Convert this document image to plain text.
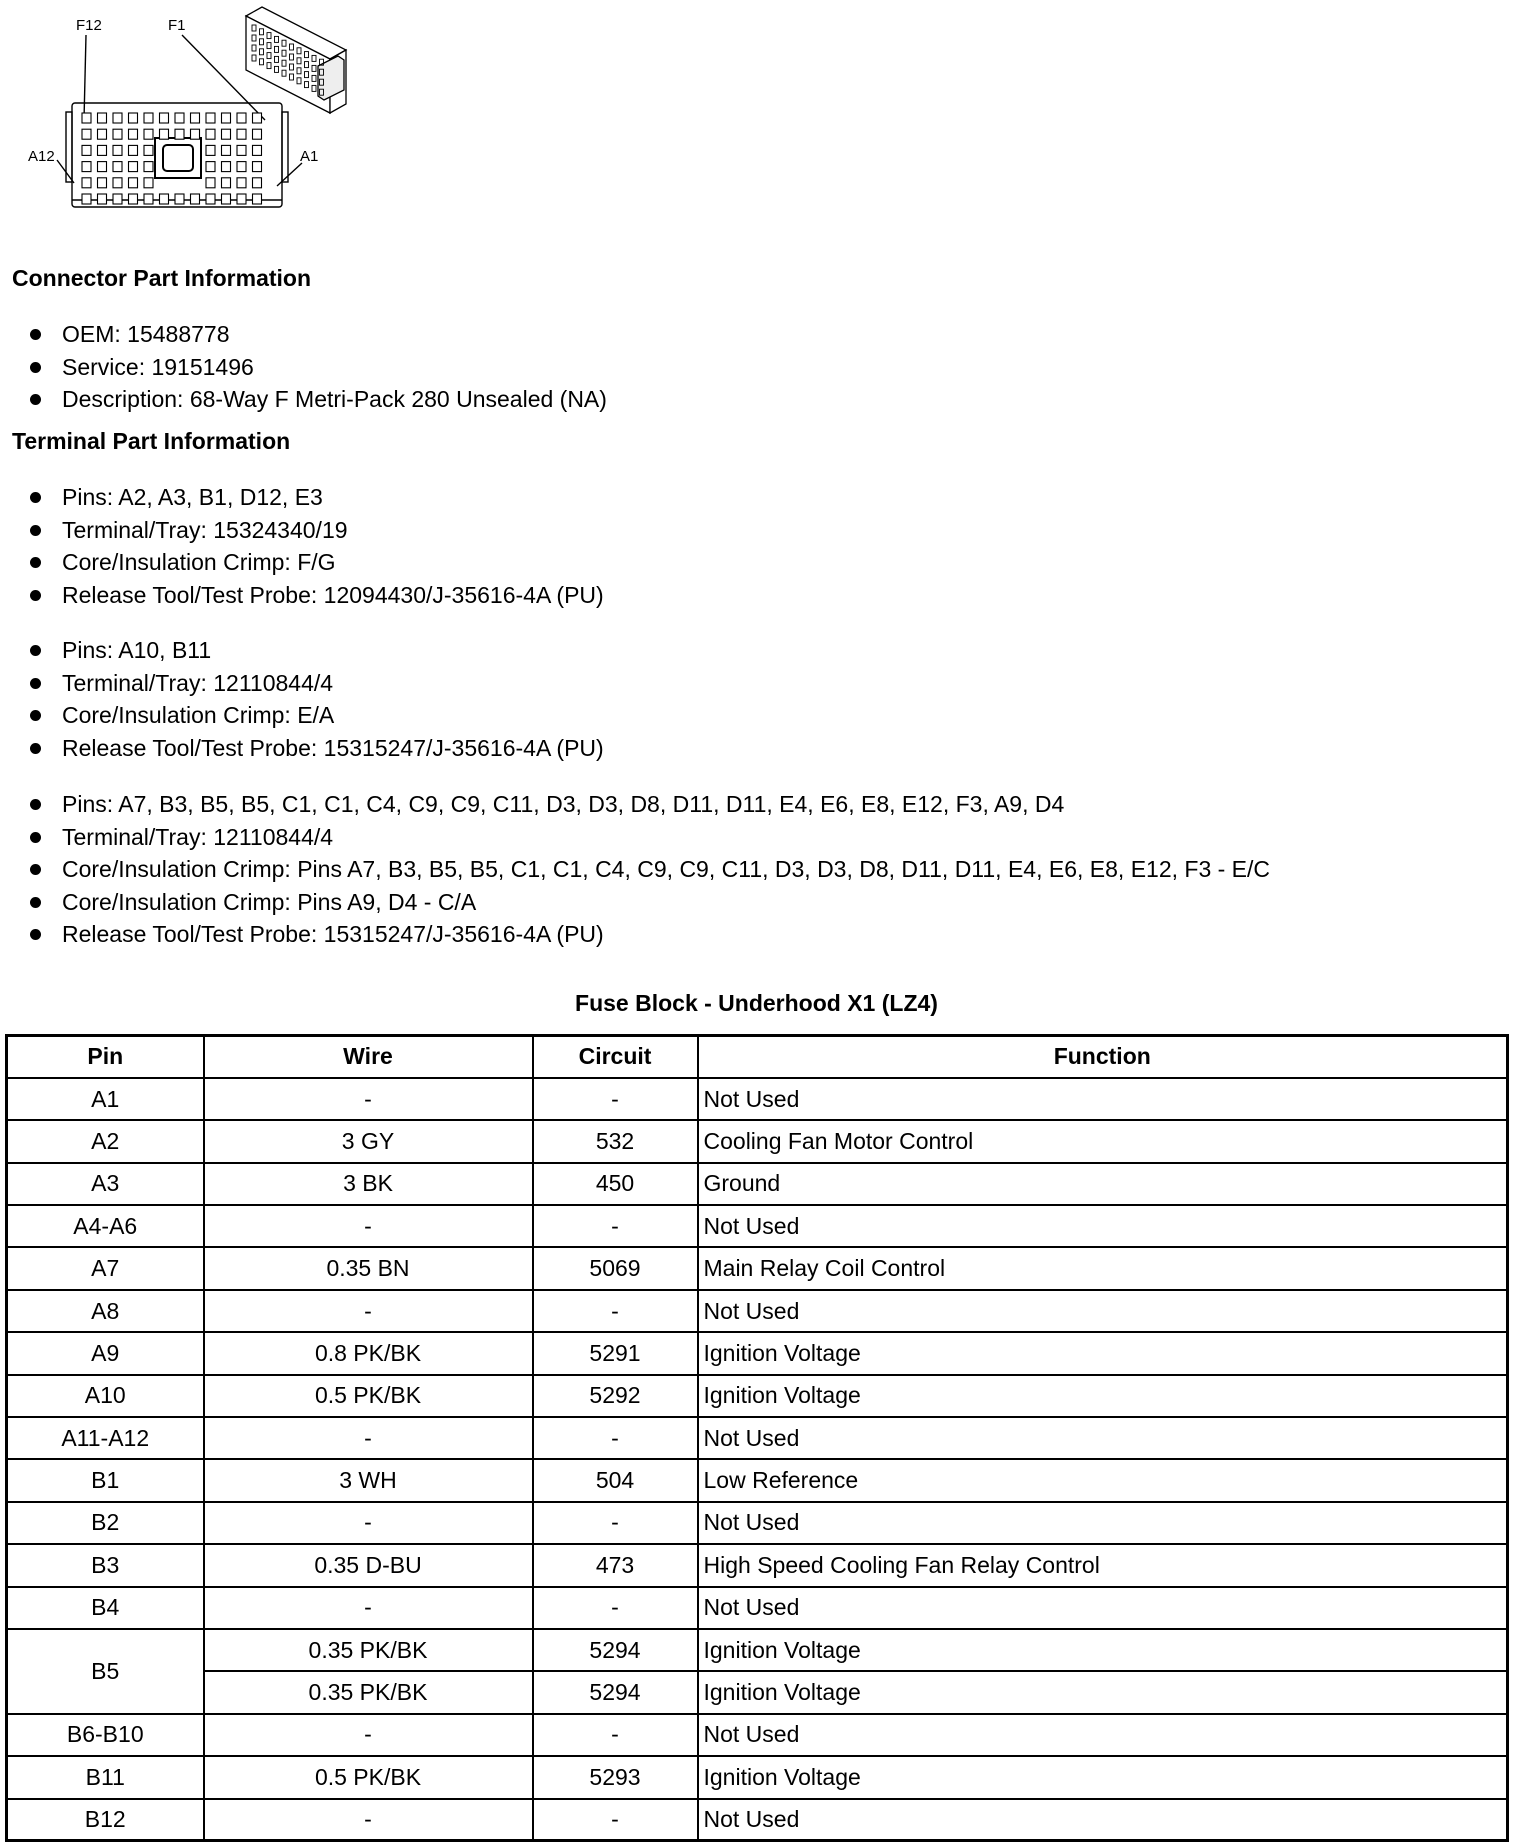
F12	F1
A12	A1
Connector Part Information
OEM: 15488778
Service: 19151496
Description: 68-Way F Metri-Pack 280 Unsealed (NA)
Terminal Part Information
Pins: A2, A3, B1, D12, E3
Terminal/Tray: 15324340/19
Core/Insulation Crimp: F/G
Release Tool/Test Probe: 12094430/J-35616-4A (PU)
Pins: A10, B11
Terminal/Tray: 12110844/4
Core/Insulation Crimp: E/A
Release Tool/Test Probe: 15315247/J-35616-4A (PU)
Pins: A7, B3, B5, B5, C1, C1, C4, C9, C9, C11, D3, D3, D8, D11, D11, E4, E6, E8, E12, F3, A9, D4
Terminal/Tray: 12110844/4
Core/Insulation Crimp: Pins A7, B3, B5, B5, C1, C1, C4, C9, C9, C11, D3, D3, D8, D11, D11, E4, E6, E8, E12, F3 - E/C
Core/Insulation Crimp: Pins A9, D4 - C/A
Release Tool/Test Probe: 15315247/J-35616-4A (PU)
Fuse Block - Underhood X1 (LZ4)
Pin	Wire	Circuit	Function
A1	-	-	Not Used
A2	3 GY	532	Cooling Fan Motor Control
A3	3 BK	450	Ground
A4-A6	-	-	Not Used
A7	0.35 BN	5069	Main Relay Coil Control
A8	-	-	Not Used
A9	0.8 PK/BK	5291	Ignition Voltage
A10	0.5 PK/BK	5292	Ignition Voltage
A11-A12	-	-	Not Used
B1	3 WH	504	Low Reference
B2	-	-	Not Used
B3	0.35 D-BU	473	High Speed Cooling Fan Relay Control
B4	-	-	Not Used
B5	0.35 PK/BK	5294	Ignition Voltage
	0.35 PK/BK	5294	Ignition Voltage
B6-B10	-	-	Not Used
B11	0.5 PK/BK	5293	Ignition Voltage
B12	-	-	Not Used
